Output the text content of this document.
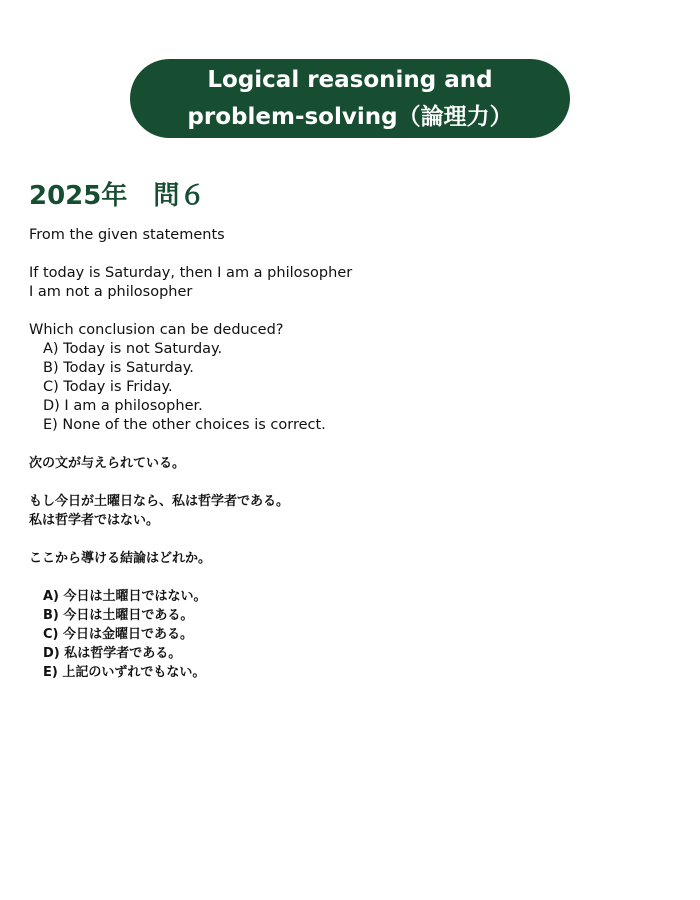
Logical reasoning and
problem-solving（論理力）
2025年　問６
From the given statements
If today is Saturday, then I am a philosopher
I am not a philosopher
Which conclusion can be deduced?
A) Today is not Saturday.
B) Today is Saturday.
C) Today is Friday.
D) I am a philosopher.
E) None of the other choices is correct.
次の文が与えられている。
もし今日が土曜日なら、私は哲学者である。
私は哲学者ではない。
ここから導ける結論はどれか。
A) 今日は土曜日ではない。
B) 今日は土曜日である。
C) 今日は金曜日である。
D) 私は哲学者である。
E) 上記のいずれでもない。
